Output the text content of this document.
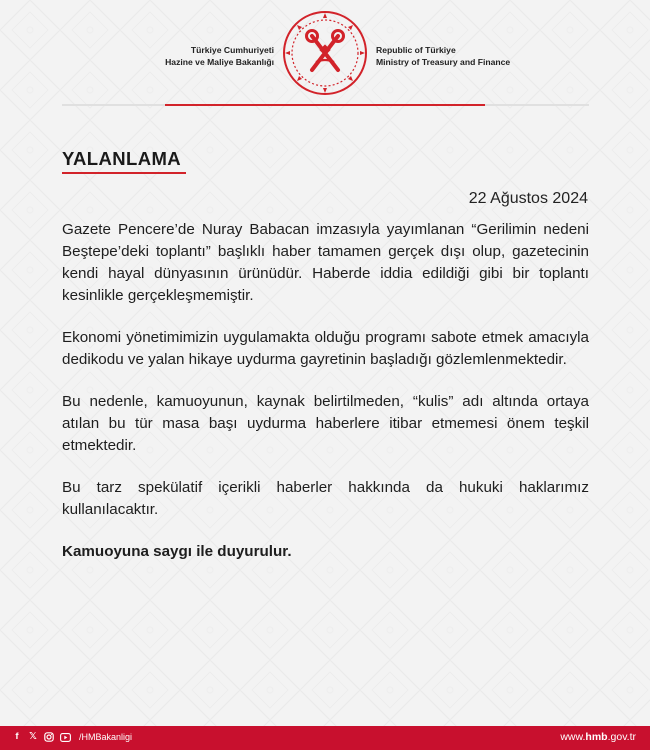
Türkiye Cumhuriyeti
Hazine ve Maliye Bakanlığı
Republic of Türkiye
Ministry of Treasury and Finance
YALANLAMA
22 Ağustos 2024

Gazete Pencere’de Nuray Babacan imzasıyla yayımlanan “Gerilimin nedeni Beştepe’deki toplantı” başlıklı haber tamamen gerçek dışı olup, gazetecinin kendi hayal dünyasının ürünüdür. Haberde iddia edildiği gibi bir toplantı kesinlikle gerçekleşmemiştir.

Ekonomi yönetimimizin uygulamakta olduğu programı sabote etmek amacıyla dedikodu ve yalan hikaye uydurma gayretinin başladığı gözlemlenmektedir.

Bu nedenle, kamuoyunun, kaynak belirtilmeden, “kulis” adı altında ortaya atılan bu tür masa başı uydurma haberlere itibar etmemesi önem teşkil etmektedir.

Bu tarz spekülatif içerikli haberler hakkında da hukuki haklarımız kullanılacaktır.

Kamuoyuna saygı ile duyurulur.

f	𝕏	/HMBakanligi	www.hmb.gov.tr
